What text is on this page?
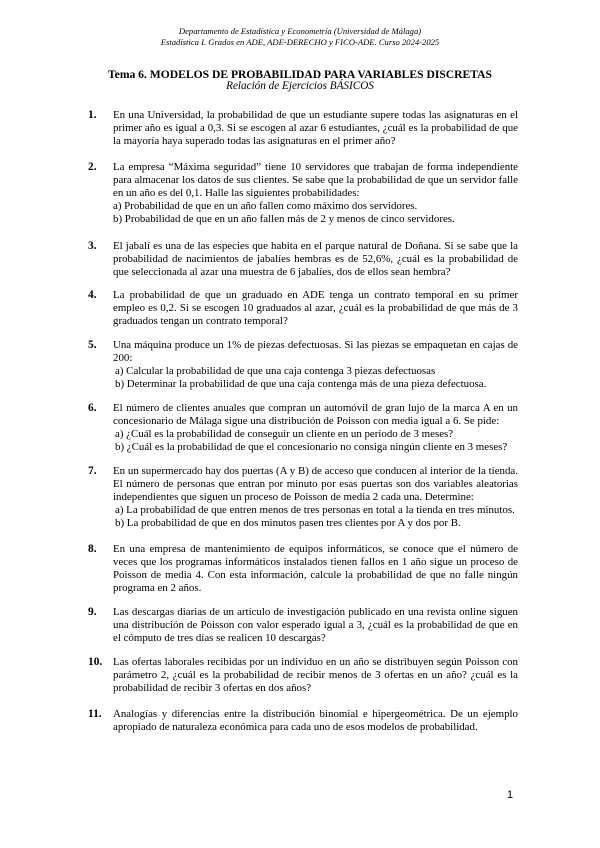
Departamento de Estadística y Econometría (Universidad de Málaga)
Estadística I. Grados en ADE, ADE-DERECHO y FICO-ADE. Curso 2024-2025
Tema 6. MODELOS DE PROBABILIDAD PARA VARIABLES DISCRETAS
Relación de Ejercicios BÁSICOS
1. En una Universidad, la probabilidad de que un estudiante supere todas las asignaturas en el primer año es igual a 0,3. Si se escogen al azar 6 estudiantes, ¿cuál es la probabilidad de que la mayoría haya superado todas las asignaturas en el primer año?
2. La empresa “Máxima seguridad” tiene 10 servidores que trabajan de forma independiente para almacenar los datos de sus clientes. Se sabe que la probabilidad de que un servidor falle en un año es del 0,1. Halle las siguientes probabilidades:
a) Probabilidad de que en un año fallen como máximo dos servidores.
b) Probabilidad de que en un año fallen más de 2 y menos de cinco servidores.
3. El jabalí es una de las especies que habita en el parque natural de Doñana. Si se sabe que la probabilidad de nacimientos de jabalíes hembras es de 52,6%, ¿cuál es la probabilidad de que seleccionada al azar una muestra de 6 jabalíes, dos de ellos sean hembra?
4. La probabilidad de que un graduado en ADE tenga un contrato temporal en su primer empleo es 0,2. Si se escogen 10 graduados al azar, ¿cuál es la probabilidad de que más de 3 graduados tengan un contrato temporal?
5. Una máquina produce un 1% de piezas defectuosas. Si las piezas se empaquetan en cajas de 200:
a) Calcular la probabilidad de que una caja contenga 3 piezas defectuosas
b) Determinar la probabilidad de que una caja contenga más de una pieza defectuosa.
6. El número de clientes anuales que compran un automóvil de gran lujo de la marca A en un concesionario de Málaga sigue una distribución de Poisson con media igual a 6. Se pide:
a) ¿Cuál es la probabilidad de conseguir un cliente en un periodo de 3 meses?
b) ¿Cuál es la probabilidad de que el concesionario no consiga ningún cliente en 3 meses?
7. En un supermercado hay dos puertas (A y B) de acceso que conducen al interior de la tienda. El número de personas que entran por minuto por esas puertas son dos variables aleatorias independientes que siguen un proceso de Poisson de media 2 cada una. Determine:
a) La probabilidad de que entren menos de tres personas en total a la tienda en tres minutos.
b) La probabilidad de que en dos minutos pasen tres clientes por A y dos por B.
8. En una empresa de mantenimiento de equipos informáticos, se conoce que el número de veces que los programas informáticos instalados tienen fallos en 1 año sigue un proceso de Poisson de media 4. Con esta información, calcule la probabilidad de que no falle ningún programa en 2 años.
9. Las descargas diarias de un artículo de investigación publicado en una revista online siguen una distribución de Poisson con valor esperado igual a 3, ¿cuál es la probabilidad de que en el cómputo de tres días se realicen 10 descargas?
10. Las ofertas laborales recibidas por un individuo en un año se distribuyen según Poisson con parámetro 2, ¿cuál es la probabilidad de recibir menos de 3 ofertas en un año? ¿cuál es la probabilidad de recibir 3 ofertas en dos años?
11. Analogías y diferencias entre la distribución binomial e hipergeométrica. De un ejemplo apropiado de naturaleza económica para cada uno de esos modelos de probabilidad.
1
